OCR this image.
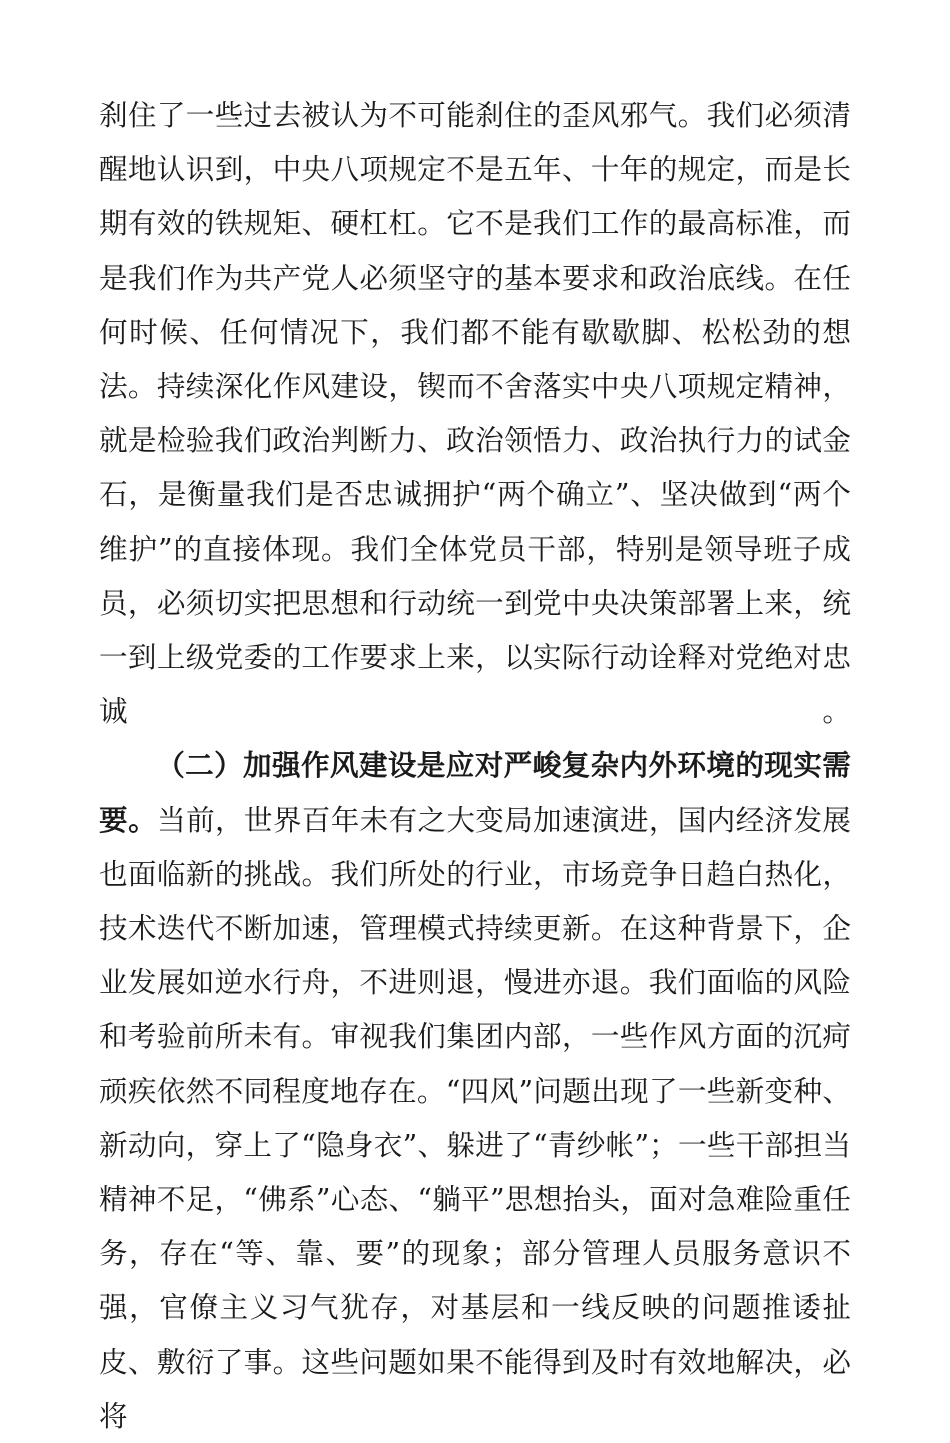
刹住了一些过去被认为不可能刹住的歪风邪气。我们必须清醒地认识到，中央八项规定不是五年、十年的规定，而是长期有效的铁规矩、硬杠杠。它不是我们工作的最高标准，而是我们作为共产党人必须坚守的基本要求和政治底线。在任何时候、任何情况下，我们都不能有歇歇脚、松松劲的想法。持续深化作风建设，锲而不舍落实中央八项规定精神，就是检验我们政治判断力、政治领悟力、政治执行力的试金石，是衡量我们是否忠诚拥护“两个确立”、坚决做到“两个维护”的直接体现。我们全体党员干部，特别是领导班子成员，必须切实把思想和行动统一到党中央决策部署上来，统一到上级党委的工作要求上来，以实际行动诠释对党绝对忠诚。

（二）加强作风建设是应对严峻复杂内外环境的现实需要。当前，世界百年未有之大变局加速演进，国内经济发展也面临新的挑战。我们所处的行业，市场竞争日趋白热化，技术迭代不断加速，管理模式持续更新。在这种背景下，企业发展如逆水行舟，不进则退，慢进亦退。我们面临的风险和考验前所未有。审视我们集团内部，一些作风方面的沉疴顽疾依然不同程度地存在。“四风”问题出现了一些新变种、新动向，穿上了“隐身衣”、躲进了“青纱帐”；一些干部担当精神不足，“佛系”心态、“躺平”思想抬头，面对急难险重任务，存在“等、靠、要”的现象；部分管理人员服务意识不强，官僚主义习气犹存，对基层和一线反映的问题推诿扯皮、敷衍了事。这些问题如果不能得到及时有效地解决，必将
